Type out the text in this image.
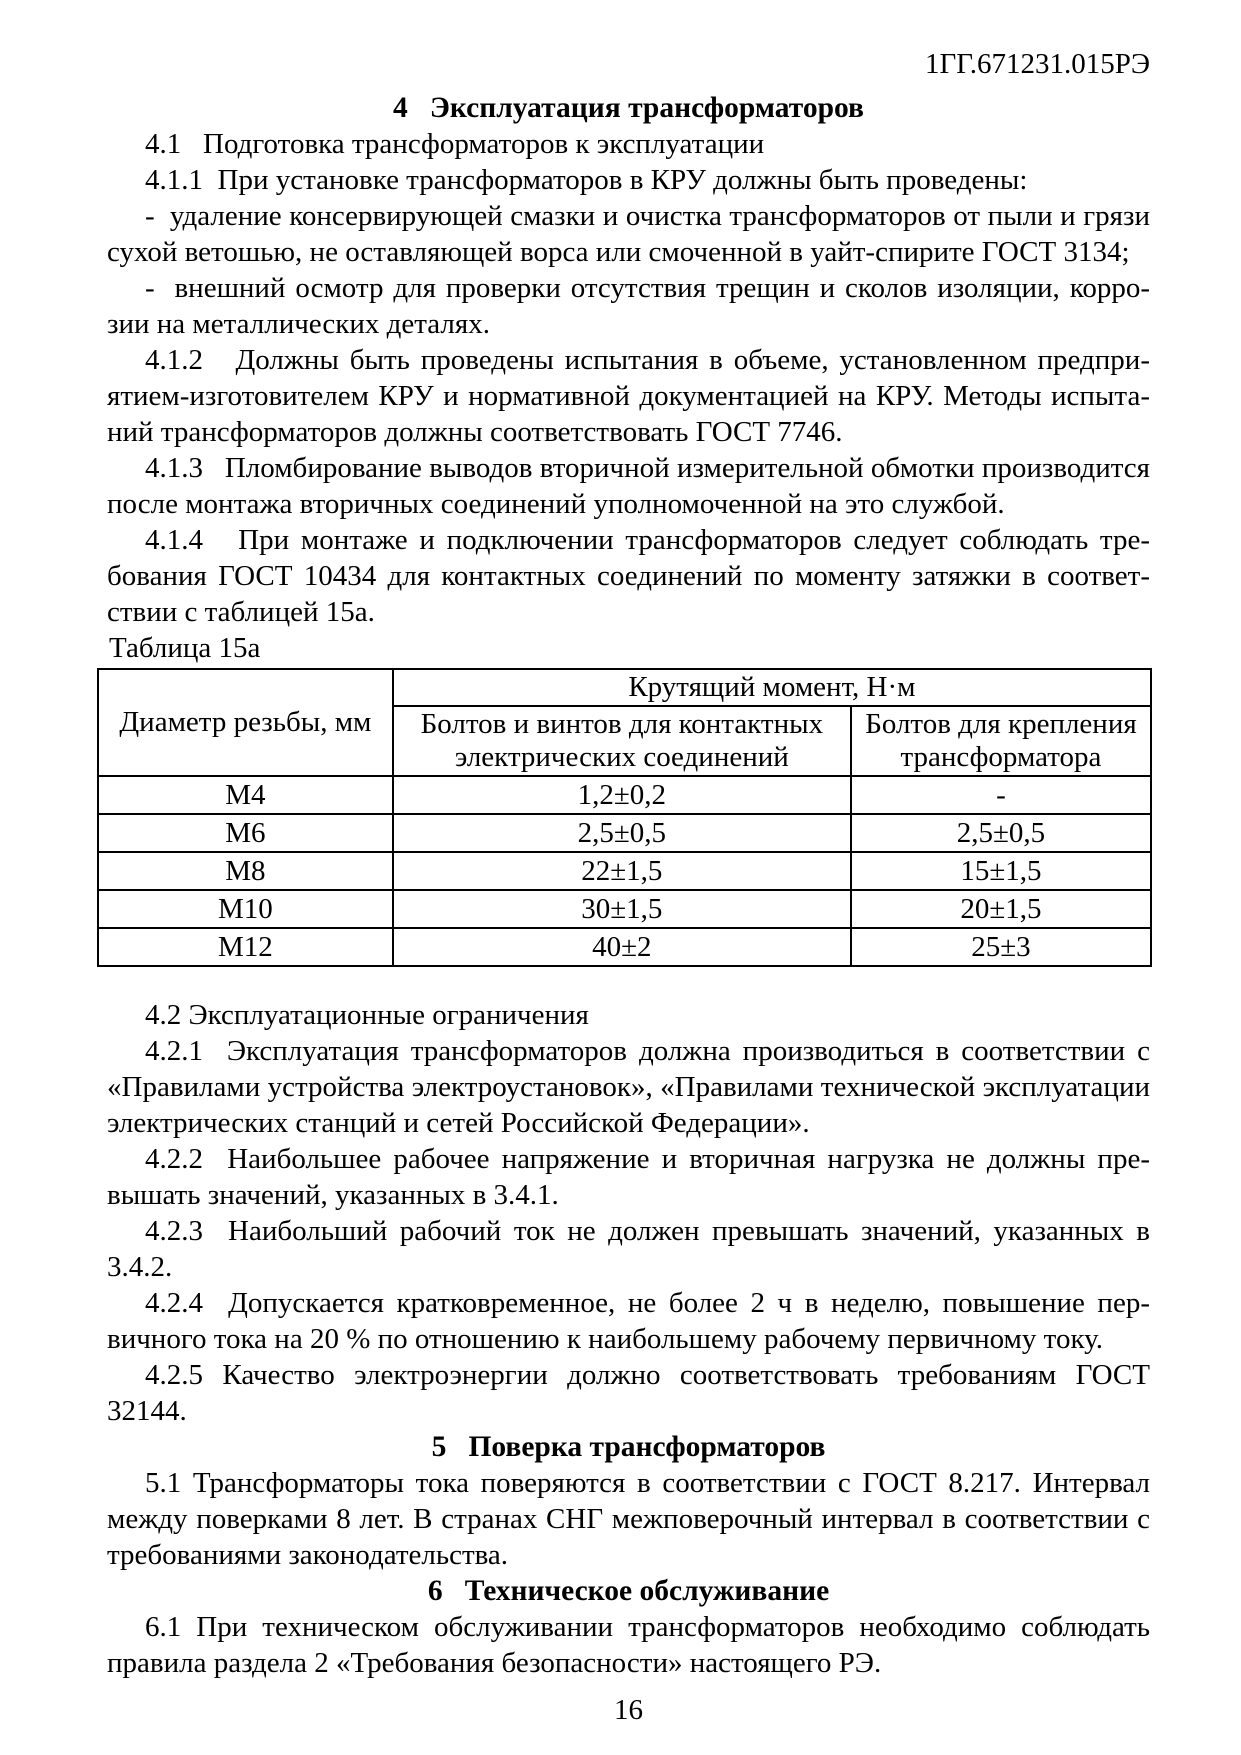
1ГГ.671231.015РЭ
4   Эксплуатация трансформаторов

4.1   Подготовка трансформаторов к эксплуатации

4.1.1  При установке трансформаторов в КРУ должны быть проведены:

-  удаление консервирующей смазки и очистка трансформаторов от пыли и грязи сухой ветошью, не оставляющей ворса или смоченной в уайт-спирите ГОСТ 3134;

-  внешний осмотр для проверки отсутствия трещин и сколов изоляции, коррозии на металлических деталях.

4.1.2   Должны быть проведены испытания в объеме, установленном предприятием-изготовителем КРУ и нормативной документацией на КРУ. Методы испытаний трансформаторов должны соответствовать ГОСТ 7746.

4.1.3   Пломбирование выводов вторичной измерительной обмотки производится после монтажа вторичных соединений уполномоченной на это службой.

4.1.4   При монтаже и подключении трансформаторов следует соблюдать требования ГОСТ 10434 для контактных соединений по моменту затяжки в соответствии с таблицей 15а.

Таблица 15а

Диаметр резьбы, мм	Крутящий момент, Н·м	
	Болтов и винтов для контактных электрических соединений	Болтов для крепления трансформатора
М4	1,2±0,2	-
М6	2,5±0,5	2,5±0,5
М8	22±1,5	15±1,5
М10	30±1,5	20±1,5
М12	40±2	25±3

4.2 Эксплуатационные ограничения

4.2.1  Эксплуатация трансформаторов должна производиться в соответствии с «Правилами устройства электроустановок», «Правилами технической эксплуатации электрических станций и сетей Российской Федерации».

4.2.2  Наибольшее рабочее напряжение и вторичная нагрузка не должны превышать значений, указанных в 3.4.1.

4.2.3  Наибольший рабочий ток не должен превышать значений, указанных в 3.4.2.

4.2.4  Допускается кратковременное, не более 2 ч в неделю, повышение первичного тока на 20 % по отношению к наибольшему рабочему первичному току.

4.2.5 Качество электроэнергии должно соответствовать требованиям ГОСТ 32144.

5   Поверка трансформаторов

5.1 Трансформаторы тока поверяются в соответствии с ГОСТ 8.217. Интервал между поверками 8 лет. В странах СНГ межповерочный интервал в соответствии с требованиями законодательства.

6   Техническое обслуживание

6.1 При техническом обслуживании трансформаторов необходимо соблюдать правила раздела 2 «Требования безопасности» настоящего РЭ.

16
